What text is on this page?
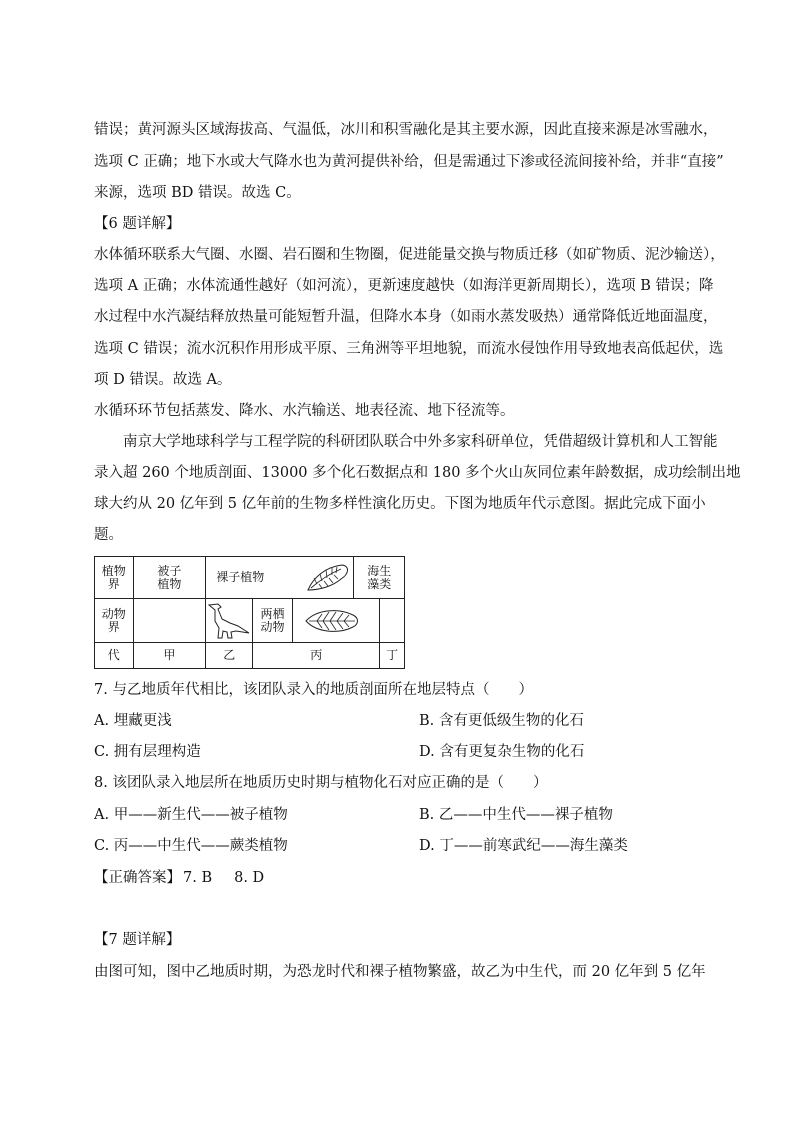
错误；黄河源头区域海拔高、气温低，冰川和积雪融化是其主要水源，因此直接来源是冰雪融水，
选项 C 正确；地下水或大气降水也为黄河提供补给，但是需通过下渗或径流间接补给，并非“直接”
来源，选项 BD 错误。故选 C。
【6 题详解】
水体循环联系大气圈、水圈、岩石圈和生物圈，促进能量交换与物质迁移（如矿物质、泥沙输送），
选项 A 正确；水体流通性越好（如河流），更新速度越快（如海洋更新周期长），选项 B 错误；降
水过程中水汽凝结释放热量可能短暂升温，但降水本身（如雨水蒸发吸热）通常降低近地面温度，
选项 C 错误；流水沉积作用形成平原、三角洲等平坦地貌，而流水侵蚀作用导致地表高低起伏，选
项 D 错误。故选 A。
水循环环节包括蒸发、降水、水汽输送、地表径流、地下径流等。
南京大学地球科学与工程学院的科研团队联合中外多家科研单位，凭借超级计算机和人工智能
录入超 260 个地质剖面、13000 多个化石数据点和 180 多个火山灰同位素年龄数据，成功绘制出地
球大约从 20 亿年到 5 亿年前的生物多样性演化历史。下图为地质年代示意图。据此完成下面小
题。
植物界	被子植物	裸子植物			海生藻类	

动物界			两栖动物

代	甲	乙	丙			丁
7. 与乙地质年代相比，该团队录入的地质剖面所在地层特点（　　）
A. 埋藏更浅	B. 含有更低级生物的化石
C. 拥有层理构造	D. 含有更复杂生物的化石
8. 该团队录入地层所在地质历史时期与植物化石对应正确的是（　　）
A. 甲——新生代——被子植物	B. 乙——中生代——裸子植物
C. 丙——中生代——蕨类植物	D. 丁——前寒武纪——海生藻类
【正确答案】 7. B 8. D
【7 题详解】
由图可知，图中乙地质时期，为恐龙时代和裸子植物繁盛，故乙为中生代，而 20 亿年到 5 亿年
